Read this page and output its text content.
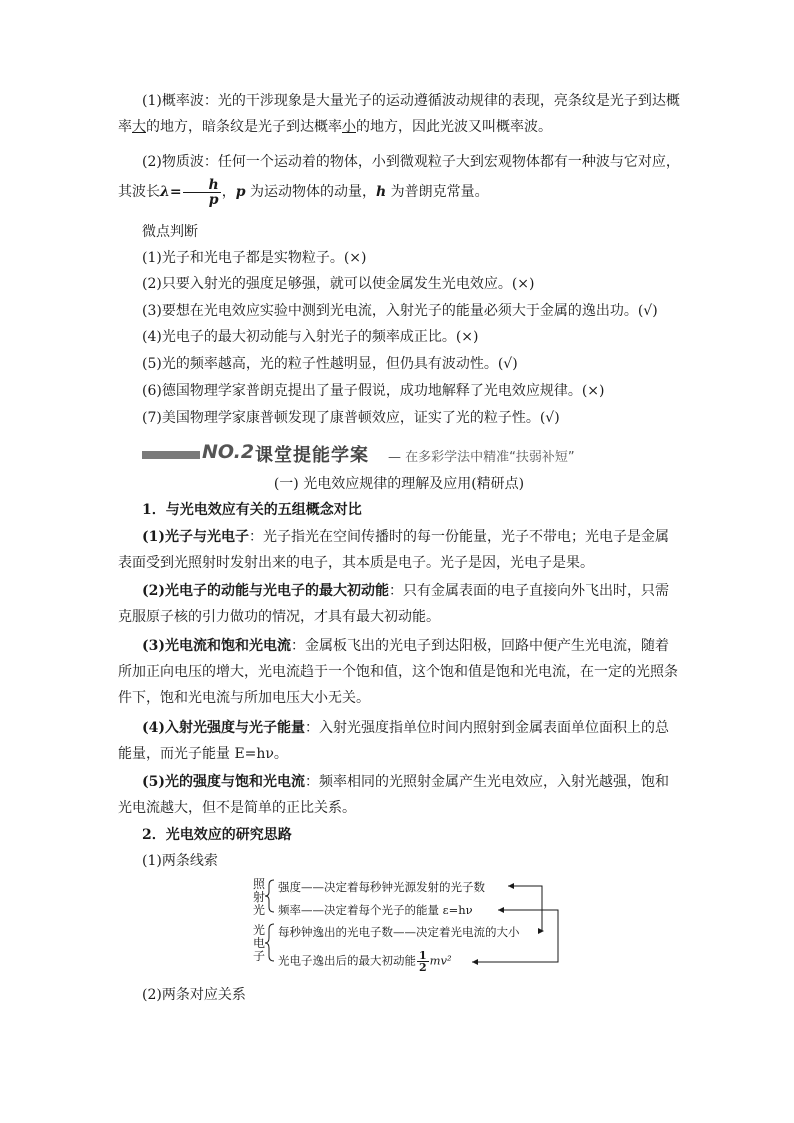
(1)概率波：光的干涉现象是大量光子的运动遵循波动规律的表现，亮条纹是光子到达概率大的地方，暗条纹是光子到达概率小的地方，因此光波又叫概率波。

(2)物质波：任何一个运动着的物体，小到微观粒子大到宏观物体都有一种波与它对应，其波长$\lambda= \frac{h}{p}$ ，p 为运动物体的动量，h 为普朗克常量。

微点判断

(1)光子和光电子都是实物粒子。(×)

(2)只要入射光的强度足够强，就可以使金属发生光电效应。(×)

(3)要想在光电效应实验中测到光电流，入射光子的能量必须大于金属的逸出功。(√)

(4)光电子的最大初动能与入射光子的频率成正比。(×)

(5)光的频率越高，光的粒子性越明显，但仍具有波动性。(√)

(6)德国物理学家普朗克提出了量子假说，成功地解释了光电效应规律。(×)

(7)美国物理学家康普顿发现了康普顿效应，证实了光的粒子性。(√)

NO.2 课堂提能学案 — 在多彩学法中精准“扶弱补短”

(一) 光电效应规律的理解及应用(精研点)

1．与光电效应有关的五组概念对比

(1)光子与光电子：光子指光在空间传播时的每一份能量，光子不带电；光电子是金属表面受到光照射时发射出来的电子，其本质是电子。光子是因，光电子是果。

(2)光电子的动能与光电子的最大初动能：只有金属表面的电子直接向外飞出时，只需克服原子核的引力做功的情况，才具有最大初动能。

(3)光电流和饱和光电流：金属板飞出的光电子到达阳极，回路中便产生光电流，随着所加正向电压的增大，光电流趋于一个饱和值，这个饱和值是饱和光电流，在一定的光照条件下，饱和光电流与所加电压大小无关。

(4)入射光强度与光子能量：入射光强度指单位时间内照射到金属表面单位面积上的总能量，而光子能量 E=hν。

(5)光的强度与饱和光电流：频率相同的光照射金属产生光电效应，入射光越强，饱和光电流越大，但不是简单的正比关系。

2．光电效应的研究思路

(1)两条线索

照
射
光
光
电
子
强度——决定着每秒钟光源发射的光子数
频率——决定着每个光子的能量 ε=hν
每秒钟逸出的光电子数——决定着光电流的大小
光电子逸出后的最大初动能 $\frac{1}{2} mv^2$

(2)两条对应关系
